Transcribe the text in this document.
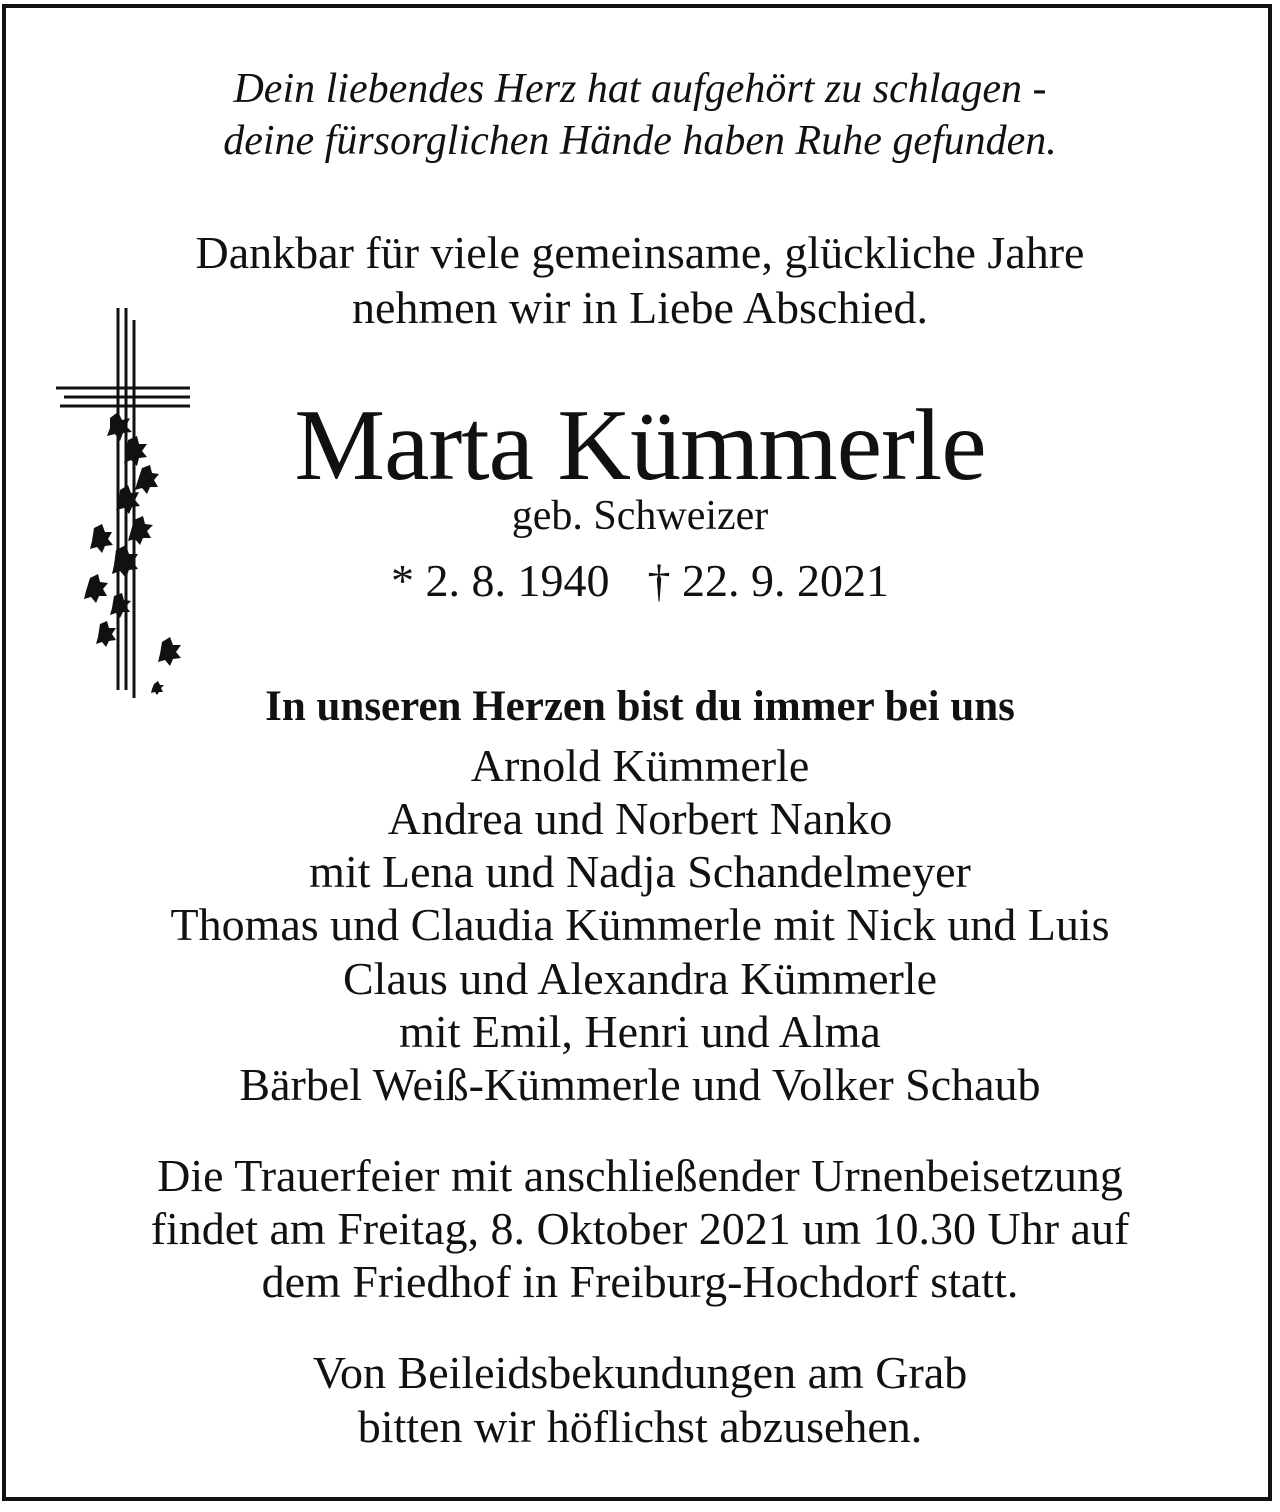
Dein liebendes Herz hat aufgehört zu schlagen -
deine fürsorglichen Hände haben Ruhe gefunden.
Dankbar für viele gemeinsame, glückliche Jahre
nehmen wir in Liebe Abschied.
Marta Kümmerle
geb. Schweizer
* 2. 8. 1940 † 22. 9. 2021
In unseren Herzen bist du immer bei uns
Arnold Kümmerle
Andrea und Norbert Nanko
mit Lena und Nadja Schandelmeyer
Thomas und Claudia Kümmerle mit Nick und Luis
Claus und Alexandra Kümmerle
mit Emil, Henri und Alma
Bärbel Weiß-Kümmerle und Volker Schaub
Die Trauerfeier mit anschließender Urnenbeisetzung
findet am Freitag, 8. Oktober 2021 um 10.30 Uhr auf
dem Friedhof in Freiburg-Hochdorf statt.
Von Beileidsbekundungen am Grab
bitten wir höflichst abzusehen.
